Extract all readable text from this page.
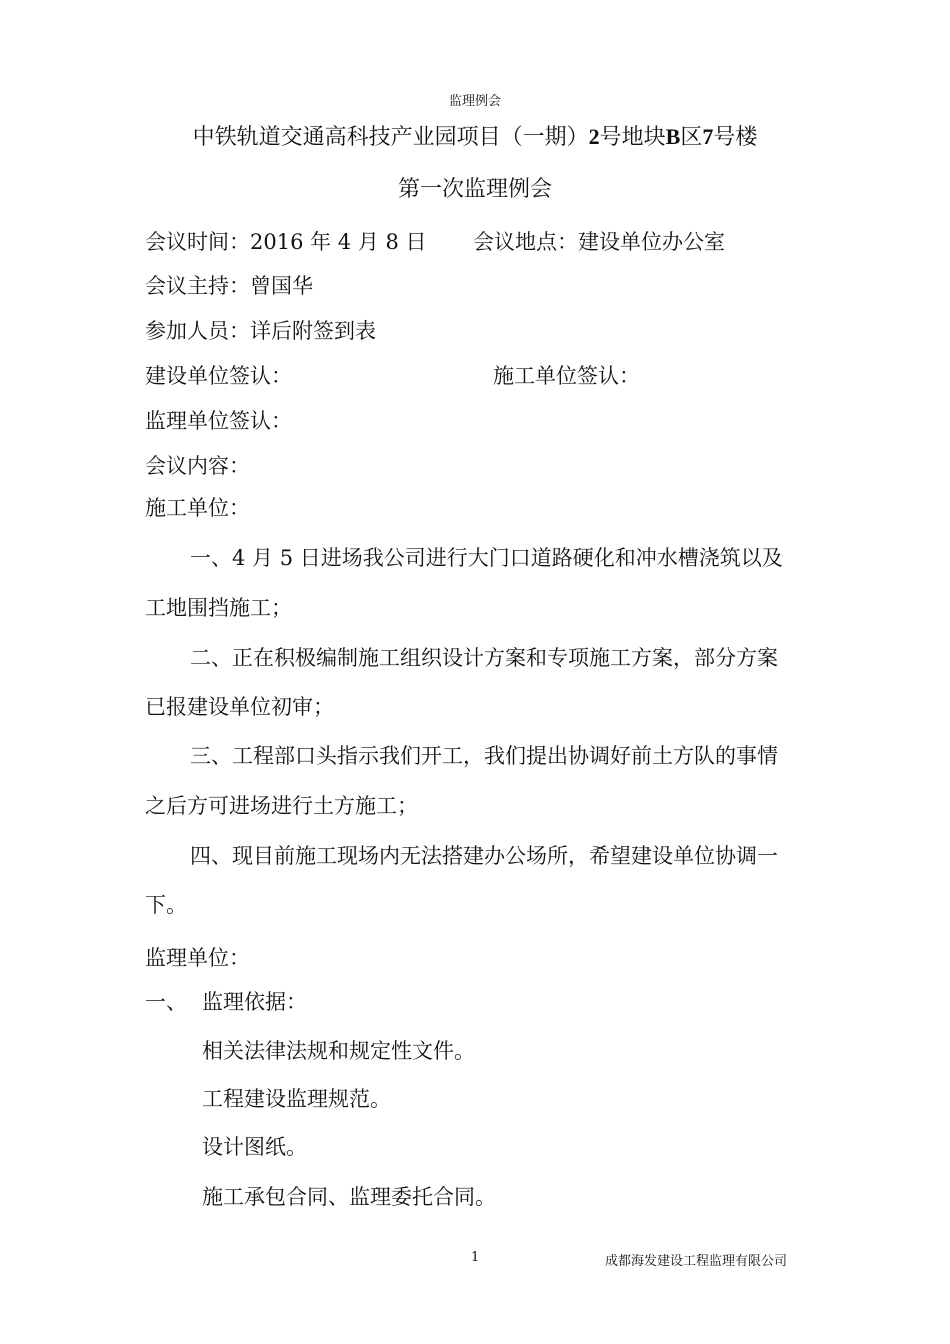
监理例会
中铁轨道交通高科技产业园项目（一期）2号地块B区7号楼
第一次监理例会
会议时间：2016 年 4 月 8 日 会议地点：建设单位办公室
会议主持：曾国华
参加人员：详后附签到表
建设单位签认：	施工单位签认：
监理单位签认：
会议内容：
施工单位：
一、4 月 5 日进场我公司进行大门口道路硬化和冲水槽浇筑以及
工地围挡施工；
二、正在积极编制施工组织设计方案和专项施工方案，部分方案
已报建设单位初审；
三、工程部口头指示我们开工，我们提出协调好前土方队的事情
之后方可进场进行土方施工；
四、现目前施工现场内无法搭建办公场所，希望建设单位协调一
下。
监理单位：
一、 监理依据：
相关法律法规和规定性文件。
工程建设监理规范。
设计图纸。
施工承包合同、监理委托合同。
1	成都海发建设工程监理有限公司
